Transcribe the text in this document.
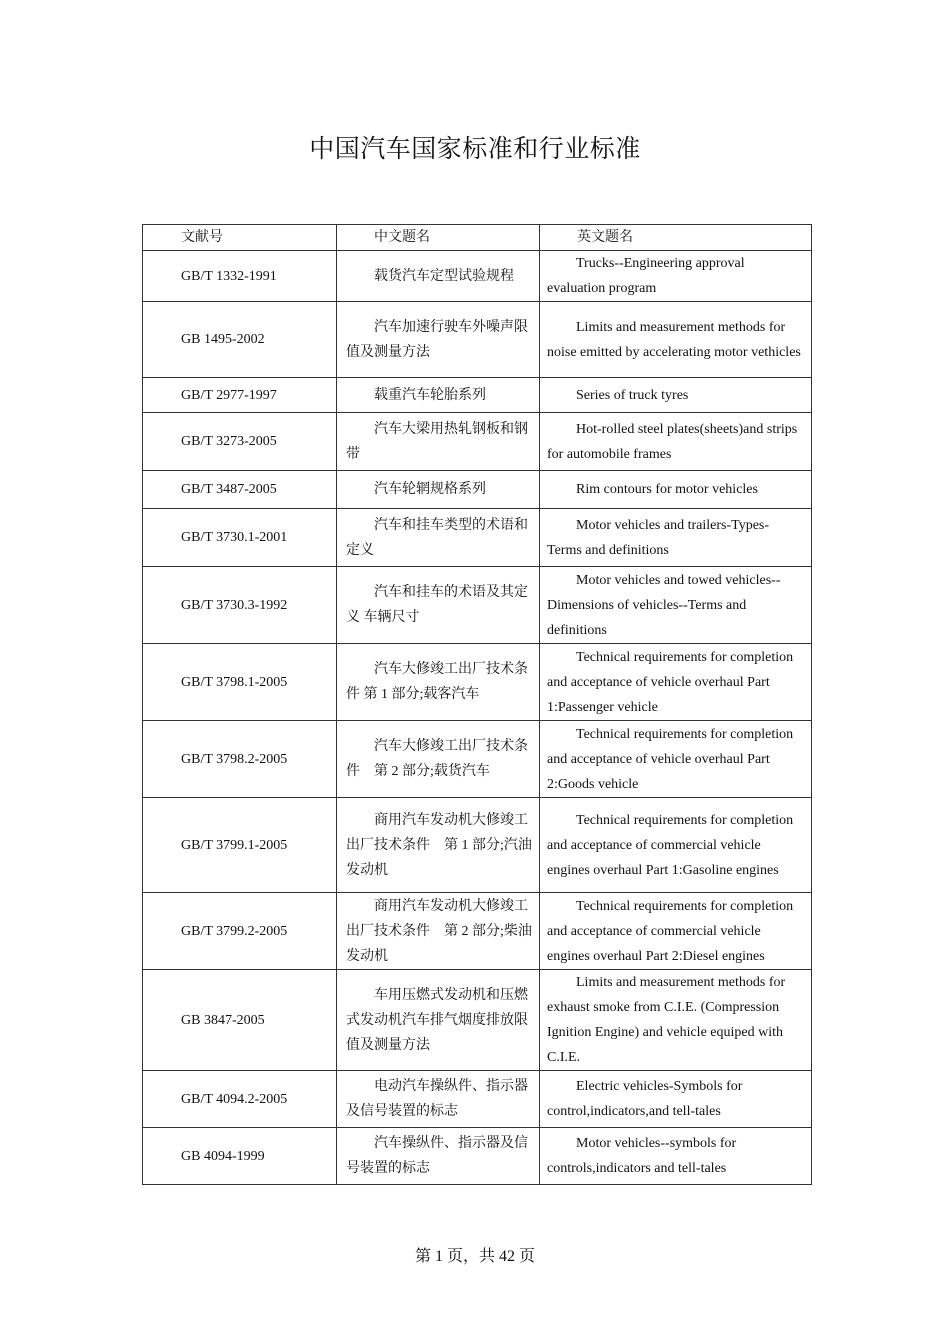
中国汽车国家标准和行业标准
文献号	中文题名	英文题名
GB/T 1332-1991	载货汽车定型试验规程	Trucks--Engineering approval evaluation program
GB 1495-2002	汽车加速行驶车外噪声限值及测量方法	Limits and measurement methods for noise emitted by accelerating motor vethicles
GB/T 2977-1997	载重汽车轮胎系列	Series of truck tyres
GB/T 3273-2005	汽车大梁用热轧钢板和钢带	Hot-rolled steel plates(sheets)and strips for automobile frames
GB/T 3487-2005	汽车轮辋规格系列	Rim contours for motor vehicles
GB/T 3730.1-2001	汽车和挂车类型的术语和定义	Motor vehicles and trailers-Types-Terms and definitions
GB/T 3730.3-1992	汽车和挂车的术语及其定义 车辆尺寸	Motor vehicles and towed vehicles--Dimensions of vehicles--Terms and definitions
GB/T 3798.1-2005	汽车大修竣工出厂技术条件 第 1 部分;载客汽车	Technical requirements for completion and acceptance of vehicle overhaul Part 1:Passenger vehicle
GB/T 3798.2-2005	汽车大修竣工出厂技术条件　第 2 部分;载货汽车	Technical requirements for completion and acceptance of vehicle overhaul Part 2:Goods vehicle
GB/T 3799.1-2005	商用汽车发动机大修竣工出厂技术条件　第 1 部分;汽油发动机	Technical requirements for completion and acceptance of commercial vehicle engines overhaul Part 1:Gasoline engines
GB/T 3799.2-2005	商用汽车发动机大修竣工出厂技术条件　第 2 部分;柴油发动机	Technical requirements for completion and acceptance of commercial vehicle engines overhaul Part 2:Diesel engines
GB 3847-2005	车用压燃式发动机和压燃式发动机汽车排气烟度排放限值及测量方法	Limits and measurement methods for exhaust smoke from C.I.E. (Compression Ignition Engine) and vehicle equiped with C.I.E.
GB/T 4094.2-2005	电动汽车操纵件、指示器及信号装置的标志	Electric vehicles-Symbols for control,indicators,and tell-tales
GB 4094-1999	汽车操纵件、指示器及信号装置的标志	Motor vehicles--symbols for controls,indicators and tell-tales
第 1 页，共 42 页
